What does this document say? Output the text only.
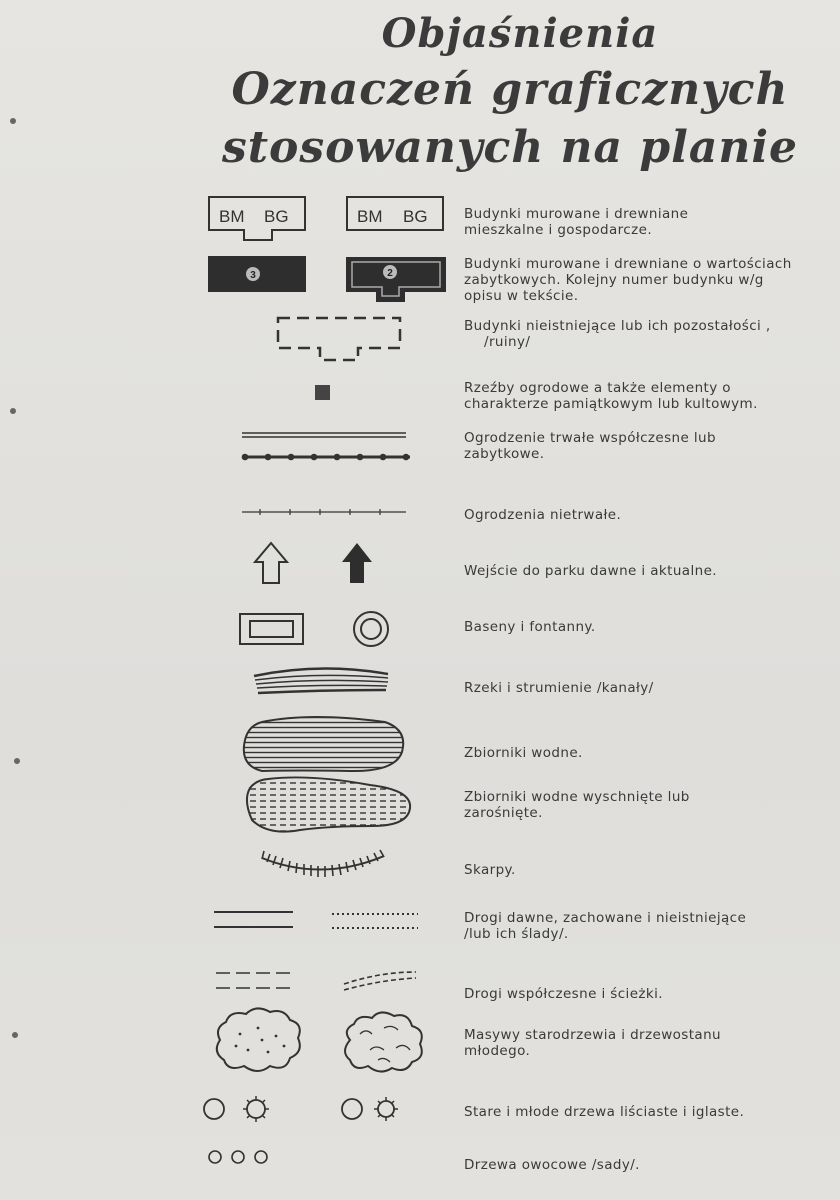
Objaśnienia
Oznaczeń graficznych
stosowanych na planie
BM BG	BM BG
3	2
Budynki murowane i drewniane
mieszkalne i gospodarcze.
Budynki murowane i drewniane o wartościach
zabytkowych. Kolejny numer budynku w/g
opisu w tekście.
Budynki nieistniejące lub ich pozostałości ,
/ruiny/
Rzeźby ogrodowe a także elementy o
charakterze pamiątkowym lub kultowym.
Ogrodzenie trwałe współczesne lub
zabytkowe.
Ogrodzenia nietrwałe.
Wejście do parku dawne i aktualne.
Baseny i fontanny.
Rzeki i strumienie /kanały/
Zbiorniki wodne.
Zbiorniki wodne wyschnięte lub
zarośnięte.
Skarpy.
Drogi dawne, zachowane i nieistniejące
/lub ich ślady/.
Drogi współczesne i ścieżki.
Masywy starodrzewia i drzewostanu
młodego.
Stare i młode drzewa liściaste i iglaste.
Drzewa owocowe /sady/.
